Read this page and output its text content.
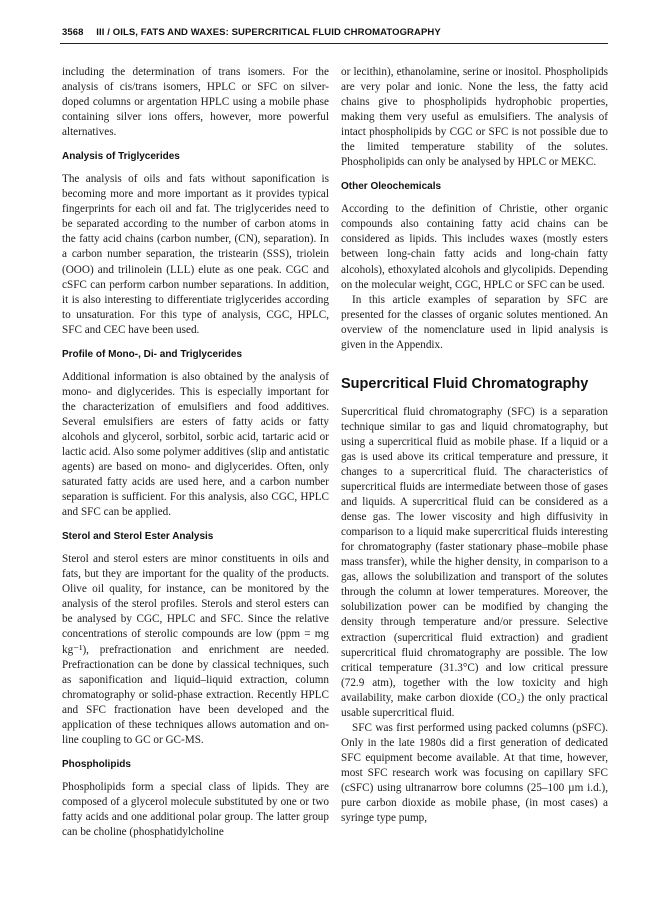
3568 III / OILS, FATS AND WAXES: SUPERCRITICAL FLUID CHROMATOGRAPHY

including the determination of trans isomers. For the analysis of cis/trans isomers, HPLC or SFC on silver-doped columns or argentation HPLC using a mobile phase containing silver ions offers, however, more powerful alternatives.

Analysis of Triglycerides

The analysis of oils and fats without saponification is becoming more and more important as it provides typical fingerprints for each oil and fat. The triglycerides need to be separated according to the number of carbon atoms in the fatty acid chains (carbon number, (CN), separation). In a carbon number separation, the tristearin (SSS), triolein (OOO) and trilinolein (LLL) elute as one peak. CGC and cSFC can perform carbon number separations. In addition, it is also interesting to differentiate triglycerides according to unsaturation. For this type of analysis, CGC, HPLC, SFC and CEC have been used.

Profile of Mono-, Di- and Triglycerides

Additional information is also obtained by the analysis of mono- and diglycerides. This is especially important for the characterization of emulsifiers and food additives. Several emulsifiers are esters of fatty acids or fatty alcohols and glycerol, sorbitol, sorbic acid, tartaric acid or lactic acid. Also some polymer additives (slip and antistatic agents) are based on mono- and diglycerides. Often, only saturated fatty acids are used here, and a carbon number separation is sufficient. For this analysis, also CGC, HPLC and SFC can be applied.

Sterol and Sterol Ester Analysis

Sterol and sterol esters are minor constituents in oils and fats, but they are important for the quality of the products. Olive oil quality, for instance, can be monitored by the analysis of the sterol profiles. Sterols and sterol esters can be analysed by CGC, HPLC and SFC. Since the relative concentrations of sterolic compounds are low (ppm = mg kg⁻¹), prefractionation and enrichment are needed. Prefractionation can be done by classical techniques, such as saponification and liquid–liquid extraction, column chromatography or solid-phase extraction. Recently HPLC and SFC fractionation have been developed and the application of these techniques allows automation and on-line coupling to GC or GC-MS.

Phospholipids

Phospholipids form a special class of lipids. They are composed of a glycerol molecule substituted by one or two fatty acids and one additional polar group. The latter group can be choline (phosphatidylcholine

or lecithin), ethanolamine, serine or inositol. Phospholipids are very polar and ionic. None the less, the fatty acid chains give to phospholipids hydrophobic properties, making them very useful as emulsifiers. The analysis of intact phospholipids by CGC or SFC is not possible due to the limited temperature stability of the solutes. Phospholipids can only be analysed by HPLC or MEKC.

Other Oleochemicals

According to the definition of Christie, other organic compounds also containing fatty acid chains can be considered as lipids. This includes waxes (mostly esters between long-chain fatty acids and long-chain fatty alcohols), ethoxylated alcohols and glycolipids. Depending on the molecular weight, CGC, HPLC or SFC can be used.

In this article examples of separation by SFC are presented for the classes of organic solutes mentioned. An overview of the nomenclature used in lipid analysis is given in the Appendix.

Supercritical Fluid Chromatography

Supercritical fluid chromatography (SFC) is a separation technique similar to gas and liquid chromatography, but using a supercritical fluid as mobile phase. If a liquid or a gas is used above its critical temperature and pressure, it changes to a supercritical fluid. The characteristics of supercritical fluids are intermediate between those of gases and liquids. A supercritical fluid can be considered as a dense gas. The lower viscosity and high diffusivity in comparison to a liquid make supercritical fluids interesting for chromatography (faster stationary phase–mobile phase mass transfer), while the higher density, in comparison to a gas, allows the solubilization and transport of the solutes through the column at lower temperatures. Moreover, the solubilization power can be modified by changing the density through temperature and/or pressure. Selective extraction (supercritical fluid extraction) and gradient supercritical fluid chromatography are possible. The low critical temperature (31.3°C) and low critical pressure (72.9 atm), together with the low toxicity and high availability, make carbon dioxide (CO₂) the only practical usable supercritical fluid.

SFC was first performed using packed columns (pSFC). Only in the late 1980s did a first generation of dedicated SFC equipment become available. At that time, however, most SFC research work was focusing on capillary SFC (cSFC) using ultranarrow bore columns (25–100 µm i.d.), pure carbon dioxide as mobile phase, (in most cases) a syringe type pump,
